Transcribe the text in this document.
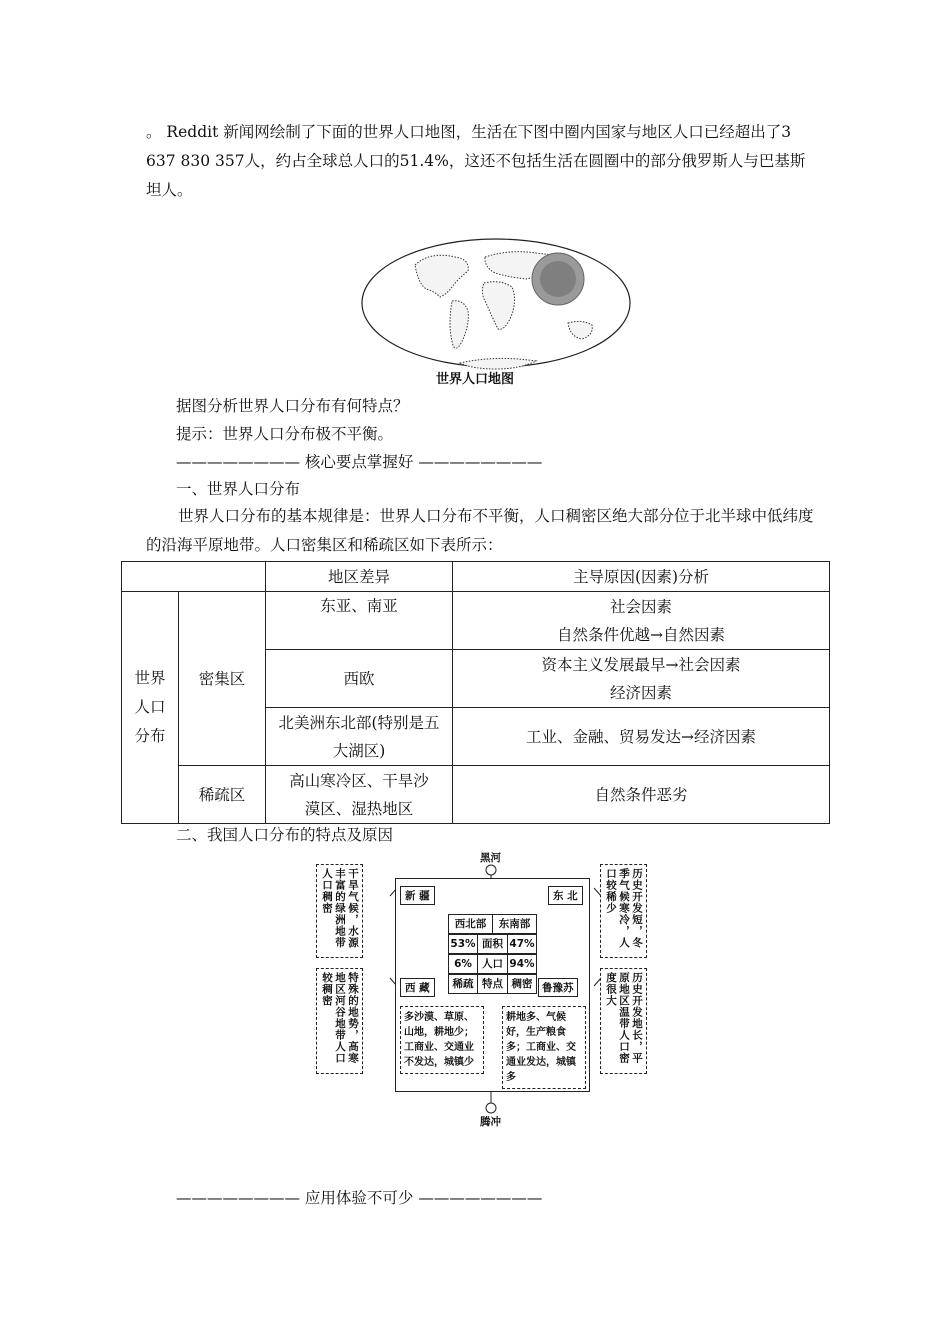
。 Reddit 新闻网绘制了下面的世界人口地图，生活在下图中圈内国家与地区人口已经超出了3 637 830 357人，约占全球总人口的51.4%，这还不包括生活在圆圈中的部分俄罗斯人与巴基斯坦人。
世界人口地图
据图分析世界人口分布有何特点？
提示：世界人口分布极不平衡。
———————— 核心要点掌握好 ————————
一、世界人口分布
世界人口分布的基本规律是：世界人口分布不平衡，人口稠密区绝大部分位于北半球中低纬度的沿海平原地带。人口密集区和稀疏区如下表所示：
		地区差异	主导原因(因素)分析

世界人口分布	密集区	东亚、南亚	社会因素
自然条件优越→自然因素

		西欧	资本主义发展最早→社会因素
经济因素

		北美洲东北部(特别是五大湖区)	工业、金融、贸易发达→经济因素
	稀疏区	高山寒冷区、干旱沙漠区、湿热地区	自然条件恶劣
二、我国人口分布的特点及原因
黑河
腾冲
新 疆	东 北
西 藏	鲁豫苏
干旱气候，水源丰富的绿洲地带人口稠密	历史开发短，冬季气候寒冷，人口较稀少
特殊的地势，高寒地区河谷地带人口较稠密	历史开发地长，平原地区温带人口密度很大
西北部	东南部
53% 面积 47%
6% 人口 94%
稀疏 特点 稠密
多沙漠、草原、山地，耕地少；工商业、交通业不发达，城镇少
耕地多、气候好，生产粮食多；工商业、交通业发达，城镇多
———————— 应用体验不可少 ————————
